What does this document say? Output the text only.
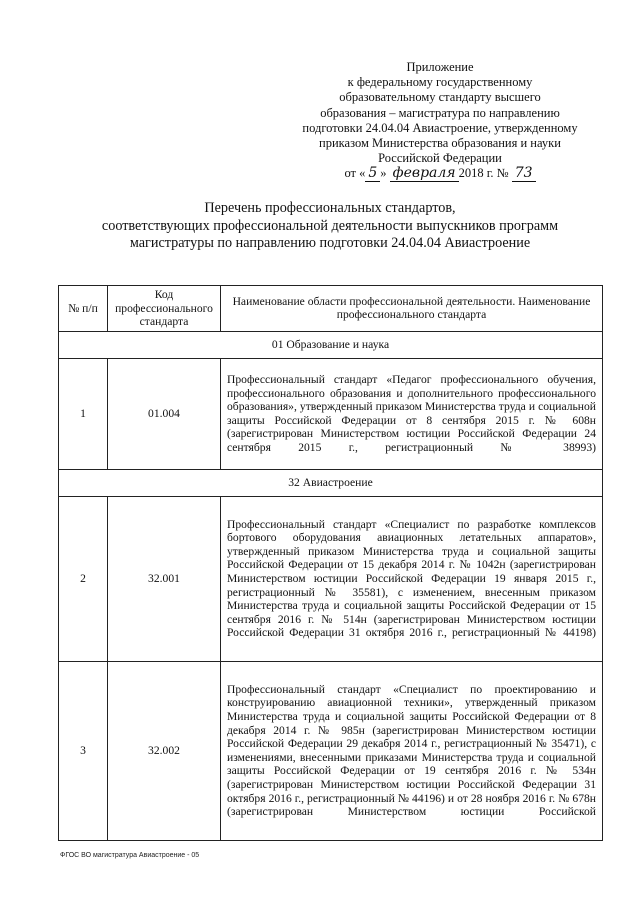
Приложение
к федеральному государственному
образовательному стандарту высшего
образования – магистратура по направлению
подготовки 24.04.04 Авиастроение, утвержденному
приказом Министерства образования и науки
Российской Федерации
от « 5 » февраля 2018 г. № 73
Перечень профессиональных стандартов,
соответствующих профессиональной деятельности выпускников программ
магистратуры по направлению подготовки 24.04.04 Авиастроение
№ п/п	Код профессионального стандарта	Наименование области профессиональной деятельности. Наименование профессионального стандарта
01 Образование и наука		
1	01.004	Профессиональный стандарт «Педагог профессионального обучения, профессионального образования и дополнительного профессионального образования», утвержденный приказом Министерства труда и социальной защиты Российской Федерации от 8 сентября 2015 г. № 608н (зарегистрирован Министерством юстиции Российской Федерации 24 сентября 2015 г., регистрационный № 38993)
32 Авиастроение		
2	32.001	Профессиональный стандарт «Специалист по разработке комплексов бортового оборудования авиационных летательных аппаратов», утвержденный приказом Министерства труда и социальной защиты Российской Федерации от 15 декабря 2014 г. № 1042н (зарегистрирован Министерством юстиции Российской Федерации 19 января 2015 г., регистрационный № 35581), с изменением, внесенным приказом Министерства труда и социальной защиты Российской Федерации от 15 сентября 2016 г. № 514н (зарегистрирован Министерством юстиции Российской Федерации 31 октября 2016 г., регистрационный № 44198)
3	32.002	Профессиональный стандарт «Специалист по проектированию и конструированию авиационной техники», утвержденный приказом Министерства труда и социальной защиты Российской Федерации от 8 декабря 2014 г. № 985н (зарегистрирован Министерством юстиции Российской Федерации 29 декабря 2014 г., регистрационный № 35471), с изменениями, внесенными приказами Министерства труда и социальной защиты Российской Федерации от 19 сентября 2016 г. № 534н (зарегистрирован Министерством юстиции Российской Федерации 31 октября 2016 г., регистрационный № 44196) и от 28 ноября 2016 г. № 678н (зарегистрирован Министерством юстиции Российской
ФГОС ВО магистратура Авиастроение - 05
